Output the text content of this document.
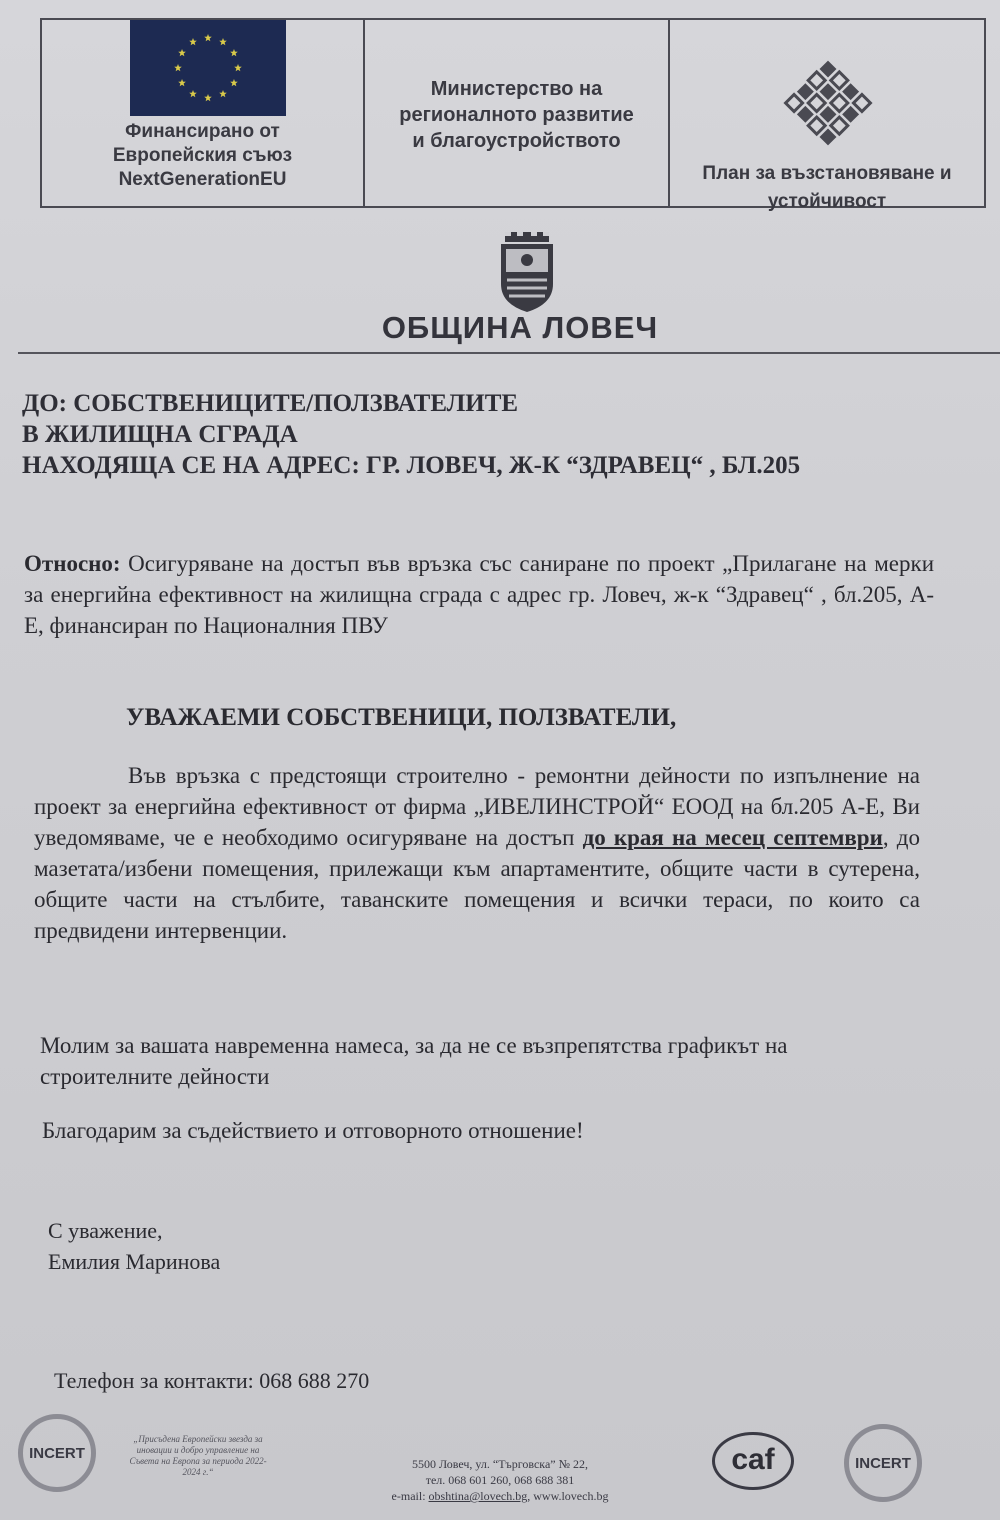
Финансирано от
Европейския съюз
NextGenerationEU
Министерство на
регионалното развитие
и благоустройството
План за възстановяване и
устойчивост
ОБЩИНА ЛОВЕЧ
ДО: СОБСТВЕНИЦИТЕ/ПОЛЗВАТЕЛИТЕ
В ЖИЛИЩНА СГРАДА
НАХОДЯЩА СЕ НА АДРЕС: ГР. ЛОВЕЧ, Ж-К “ЗДРАВЕЦ“ , БЛ.205
Относно: Осигуряване на достъп във връзка със саниране по проект „Прилагане на мерки за енергийна ефективност на жилищна сграда с адрес гр. Ловеч, ж-к “Здравец“ , бл.205, А- Е, финансиран по Националния ПВУ
УВАЖАЕМИ СОБСТВЕНИЦИ, ПОЛЗВАТЕЛИ,
Във връзка с предстоящи строително - ремонтни дейности по изпълнение на проект за енергийна ефективност от фирма „ИВЕЛИНСТРОЙ“ ЕООД на бл.205 А-Е, Ви уведомяваме, че е необходимо осигуряване на достъп до края на месец септември, до мазетата/избени помещения, прилежащи към апартаментите, общите части в сутерена, общите части на стълбите, таванските помещения и всички тераси, по които са предвидени интервенции.
Молим за вашата навременна намеса, за да не се възпрепятства графикът на строителните дейности
Благодарим за съдействието и отговорното отношение!
С уважение,
Емилия Маринова
Телефон за контакти: 068 688 270
INCERT
„Присъдена Европейски звезда за иновации и добро управление на Съвета на Европа за периода 2022-2024 г.“
5500 Ловеч, ул. “Търговска” № 22,
тел. 068 601 260, 068 688 381
e-mail: obshtina@lovech.bg, www.lovech.bg
caf	INCERT
